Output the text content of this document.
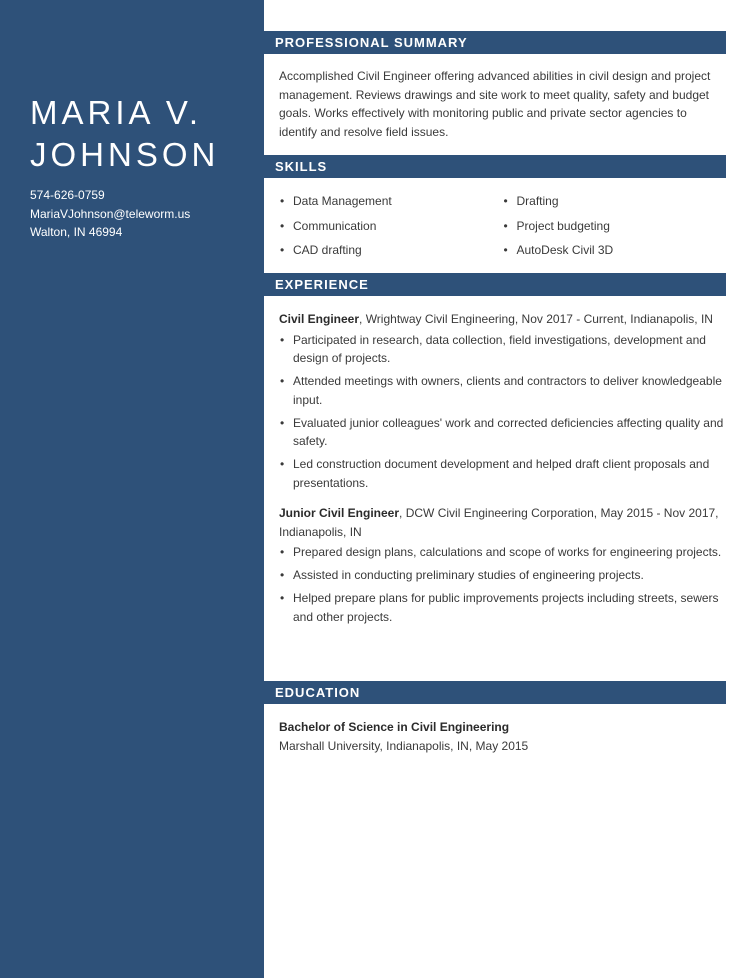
MARIA V.
JOHNSON
574-626-0759
MariaVJohnson@teleworm.us
Walton, IN 46994
PROFESSIONAL SUMMARY

Accomplished Civil Engineer offering advanced abilities in civil design and project management. Reviews drawings and site work to meet quality, safety and budget goals. Works effectively with monitoring public and private sector agencies to identify and resolve field issues.

SKILLS
• Data Management
• Communication
• CAD drafting
• Drafting
• Project budgeting
• AutoDesk Civil 3D
EXPERIENCE

Civil Engineer, Wrightway Civil Engineering, Nov 2017 - Current, Indianapolis, IN

• Participated in research, data collection, field investigations, development and design of projects.
• Attended meetings with owners, clients and contractors to deliver knowledgeable input.
• Evaluated junior colleagues' work and corrected deficiencies affecting quality and safety.
• Led construction document development and helped draft client proposals and presentations.

Junior Civil Engineer, DCW Civil Engineering Corporation, May 2015 - Nov 2017, Indianapolis, IN

• Prepared design plans, calculations and scope of works for engineering projects.
• Assisted in conducting preliminary studies of engineering projects.
• Helped prepare plans for public improvements projects including streets, sewers and other projects.
EDUCATION
Bachelor of Science in Civil Engineering
Marshall University, Indianapolis, IN, May 2015
